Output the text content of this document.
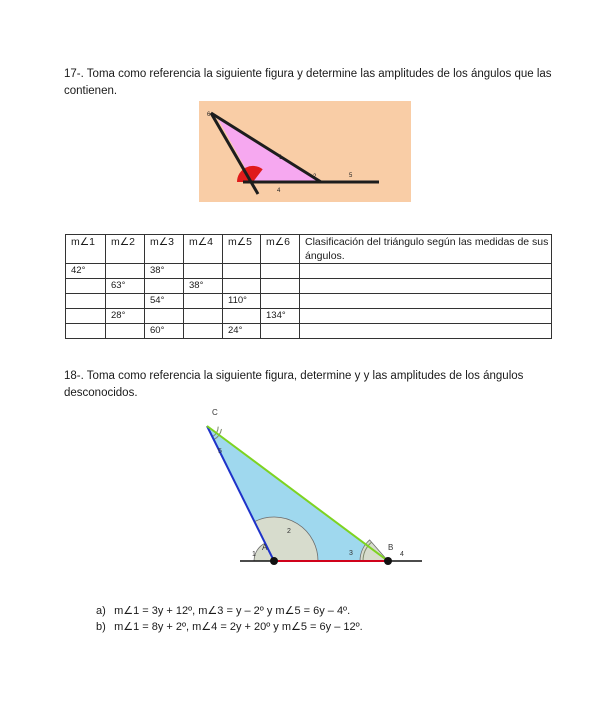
17-. Toma como referencia la siguiente figura y determine las amplitudes de los ángulos que las contienen.
6
1
2	5
4
m∠1	m∠2	m∠3	m∠4	m∠5	m∠6	Clasificación del triángulo según las medidas de sus ángulos.
42°		38°				
	63°		38°			
		54°		110°		
	28°				134°	
		60°		24°		
18-. Toma como referencia la siguiente figura, determine y y las amplitudes de los ángulos desconocidos.
C
5
2
1
A
3
B
4
a) m∠1 = 3y + 12º, m∠3 = y – 2º y m∠5 = 6y – 4º.
b) m∠1 = 8y + 2º, m∠4 = 2y + 20º y m∠5 = 6y – 12º.
